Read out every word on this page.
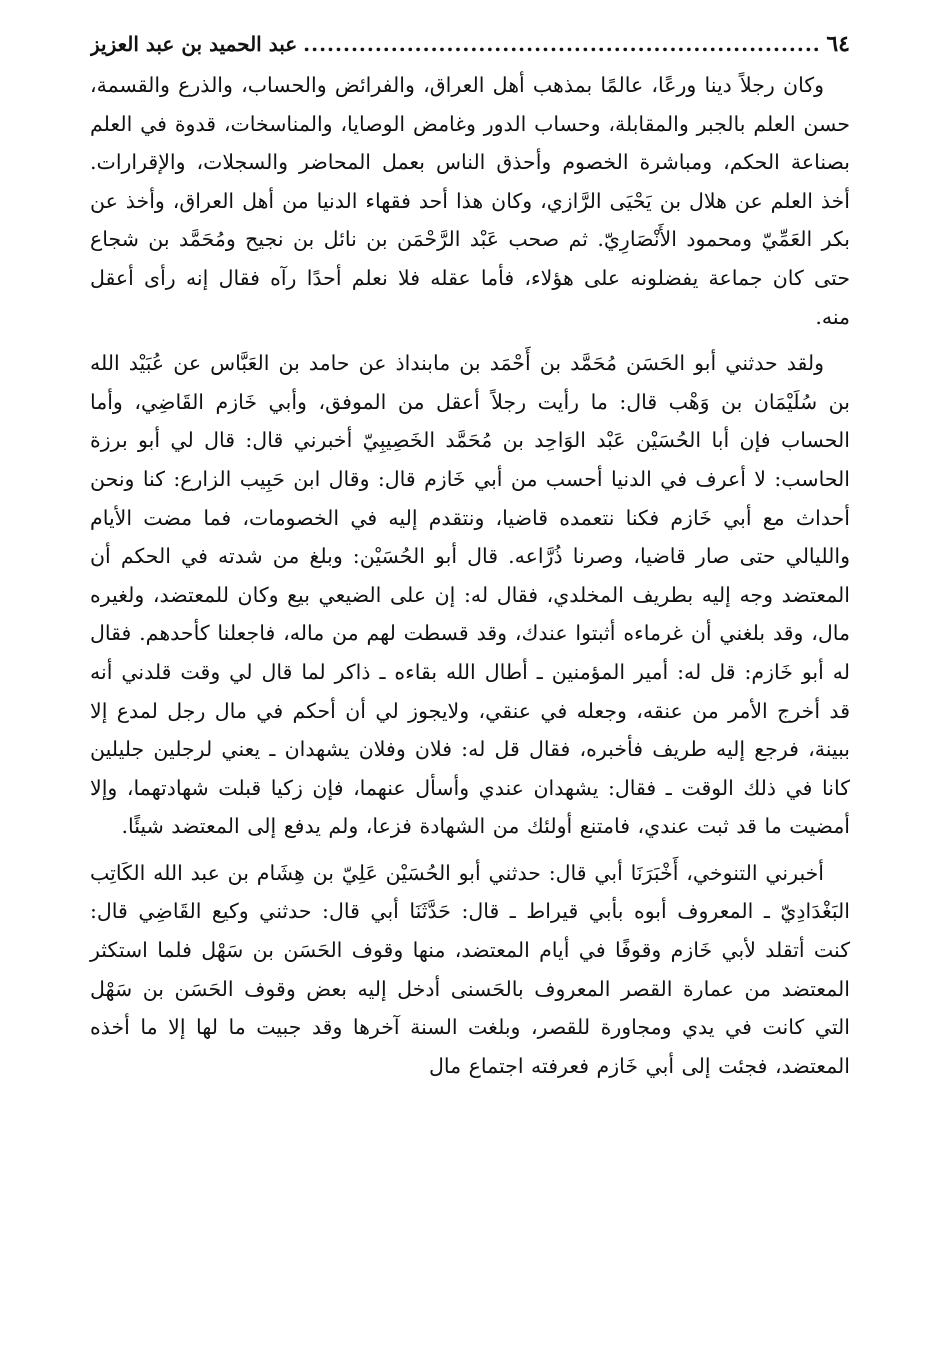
٦٤
.....
عبد الحميد بن عبد العزيز

وكان رجلاً دينا ورعًا، عالمًا بمذهب أهل العراق، والفرائض والحساب، والذرع والقسمة، حسن العلم بالجبر والمقابلة، وحساب الدور وغامض الوصايا، والمناسخات، قدوة في العلم بصناعة الحكم، ومباشرة الخصوم وأحذق الناس بعمل المحاضر والسجلات، والإقرارات. أخذ العلم عن هلال بن يَحْيَى الرَّازي، وكان هذا أحد فقهاء الدنيا من أهل العراق، وأخذ عن بكر العَمِّيّ ومحمود الأَنْصَارِيّ. ثم صحب عَبْد الرَّحْمَن بن نائل بن نجيح ومُحَمَّد بن شجاع حتى كان جماعة يفضلونه على هؤلاء، فأما عقله فلا نعلم أحدًا رآه فقال إنه رأى أعقل منه.

ولقد حدثني أبو الحَسَن مُحَمَّد بن أَحْمَد بن مابنداذ عن حامد بن العَبَّاس عن عُبَيْد الله بن سُلَيْمَان بن وَهْب قال: ما رأيت رجلاً أعقل من الموفق، وأبي خَازم القَاضِي، وأما الحساب فإن أبا الحُسَيْن عَبْد الوَاحِد بن مُحَمَّد الخَصِيبِيّ أخبرني قال: قال لي أبو برزة الحاسب: لا أعرف في الدنيا أحسب من أبي خَازم قال: وقال ابن حَبِيب الزارع: كنا ونحن أحداث مع أبي خَازم فكنا نتعمده قاضيا، ونتقدم إليه في الخصومات، فما مضت الأيام والليالي حتى صار قاضيا، وصرنا ذُرَّاعه. قال أبو الحُسَيْن: وبلغ من شدته في الحكم أن المعتضد وجه إليه بطريف المخلدي، فقال له: إن على الضيعي بيع وكان للمعتضد، ولغيره مال، وقد بلغني أن غرماءه أثبتوا عندك، وقد قسطت لهم من ماله، فاجعلنا كأحدهم. فقال له أبو خَازم: قل له: أمير المؤمنين ـ أطال الله بقاءه ـ ذاكر لما قال لي وقت قلدني أنه قد أخرج الأمر من عنقه، وجعله في عنقي، ولايجوز لي أن أحكم في مال رجل لمدع إلا ببينة، فرجع إليه طريف فأخبره، فقال قل له: فلان وفلان يشهدان ـ يعني لرجلين جليلين كانا في ذلك الوقت ـ فقال: يشهدان عندي وأسأل عنهما، فإن زكيا قبلت شهادتهما، وإلا أمضيت ما قد ثبت عندي، فامتنع أولئك من الشهادة فزعا، ولم يدفع إلى المعتضد شيئًا.

أخبرني التنوخي، أَخْبَرَنَا أبي قال: حدثني أبو الحُسَيْن عَلِيّ بن هِشَام بن عبد الله الكَاتِب البَغْدَادِيّ ـ المعروف أبوه بأبي قيراط ـ قال: حَدَّثَنَا أبي قال: حدثني وكيع القَاضِي قال: كنت أتقلد لأبي خَازم وقوفًا في أيام المعتضد، منها وقوف الحَسَن بن سَهْل فلما استكثر المعتضد من عمارة القصر المعروف بالحَسنى أدخل إليه بعض وقوف الحَسَن بن سَهْل التي كانت في يدي ومجاورة للقصر، وبلغت السنة آخرها وقد جبيت ما لها إلا ما أخذه المعتضد، فجئت إلى أبي خَازم فعرفته اجتماع مال
